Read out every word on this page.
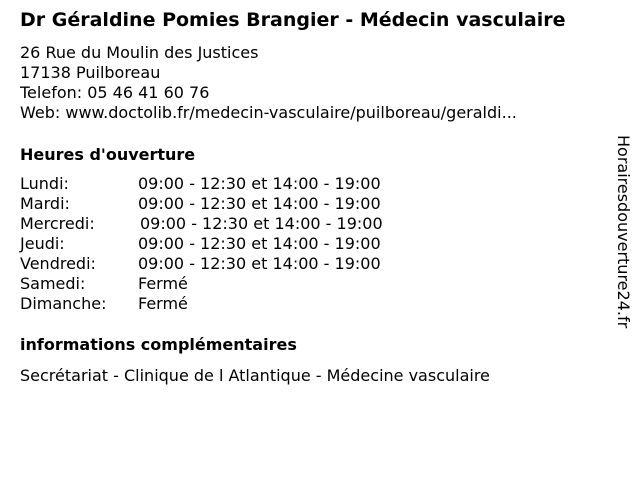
Dr Géraldine Pomies Brangier - Médecin vasculaire
26 Rue du Moulin des Justices
17138 Puilboreau
Telefon: 05 46 41 60 76
Web: www.doctolib.fr/medecin-vasculaire/puilboreau/geraldi...
Heures d'ouverture
Lundi:	09:00 - 12:30 et 14:00 - 19:00
Mardi:	09:00 - 12:30 et 14:00 - 19:00
Mercredi:	09:00 - 12:30 et 14:00 - 19:00
Jeudi:	09:00 - 12:30 et 14:00 - 19:00
Vendredi:	09:00 - 12:30 et 14:00 - 19:00
Samedi:	Fermé
Dimanche: Fermé
informations complémentaires
Secrétariat - Clinique de l Atlantique - Médecine vasculaire
Horairesdouverture24.fr
